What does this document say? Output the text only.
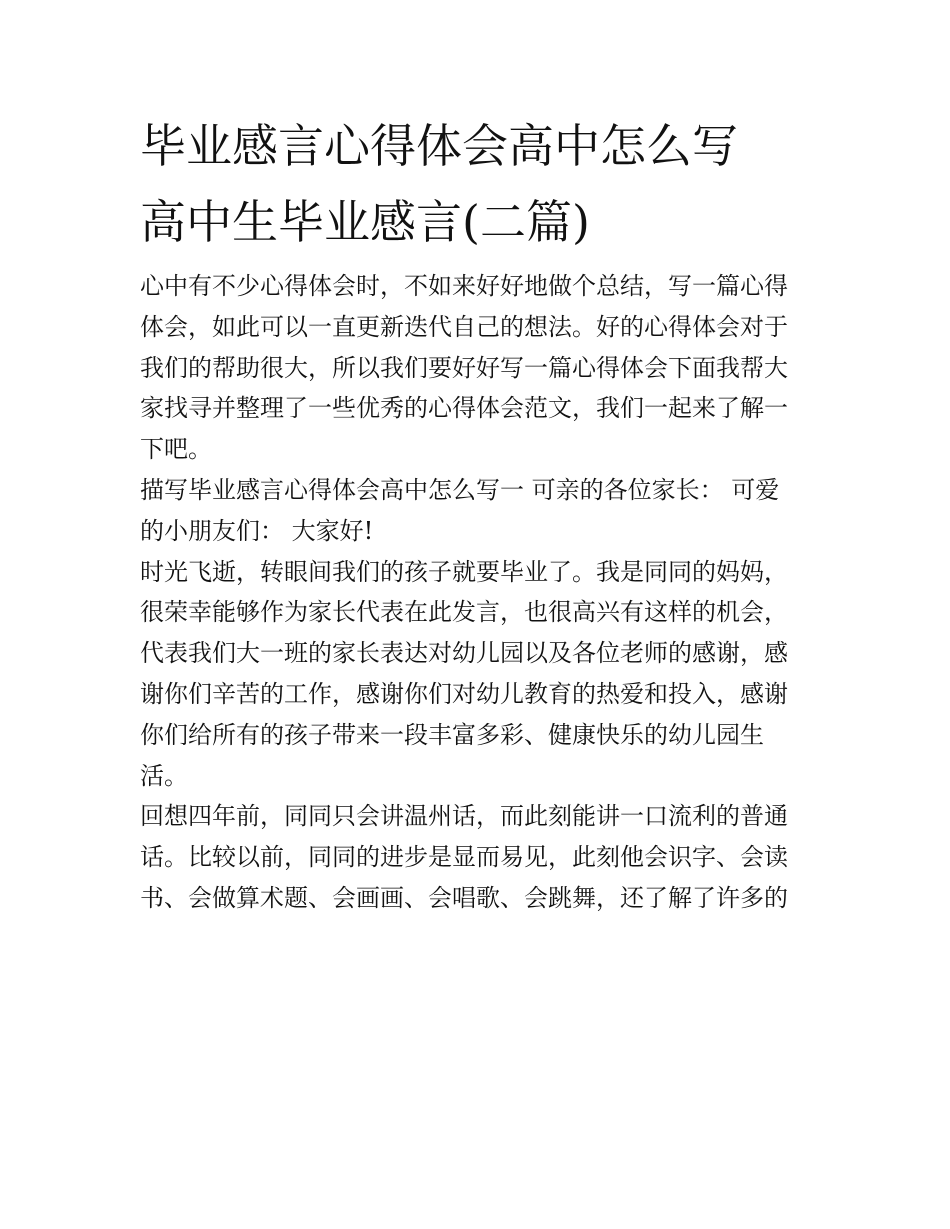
毕业感言心得体会高中怎么写
高中生毕业感言(二篇)

心中有不少心得体会时，不如来好好地做个总结，写一篇心得
体会，如此可以一直更新迭代自己的想法。好的心得体会对于
我们的帮助很大，所以我们要好好写一篇心得体会下面我帮大
家找寻并整理了一些优秀的心得体会范文，我们一起来了解一
下吧。

描写毕业感言心得体会高中怎么写一 可亲的各位家长： 可爱
的小朋友们： 大家好!

时光飞逝，转眼间我们的孩子就要毕业了。我是同同的妈妈，
很荣幸能够作为家长代表在此发言，也很高兴有这样的机会，
代表我们大一班的家长表达对幼儿园以及各位老师的感谢，感
谢你们辛苦的工作，感谢你们对幼儿教育的热爱和投入，感谢
你们给所有的孩子带来一段丰富多彩、健康快乐的幼儿园生
活。

回想四年前，同同只会讲温州话，而此刻能讲一口流利的普通
话。比较以前，同同的进步是显而易见，此刻他会识字、会读
书、会做算术题、会画画、会唱歌、会跳舞，还了解了许多的
